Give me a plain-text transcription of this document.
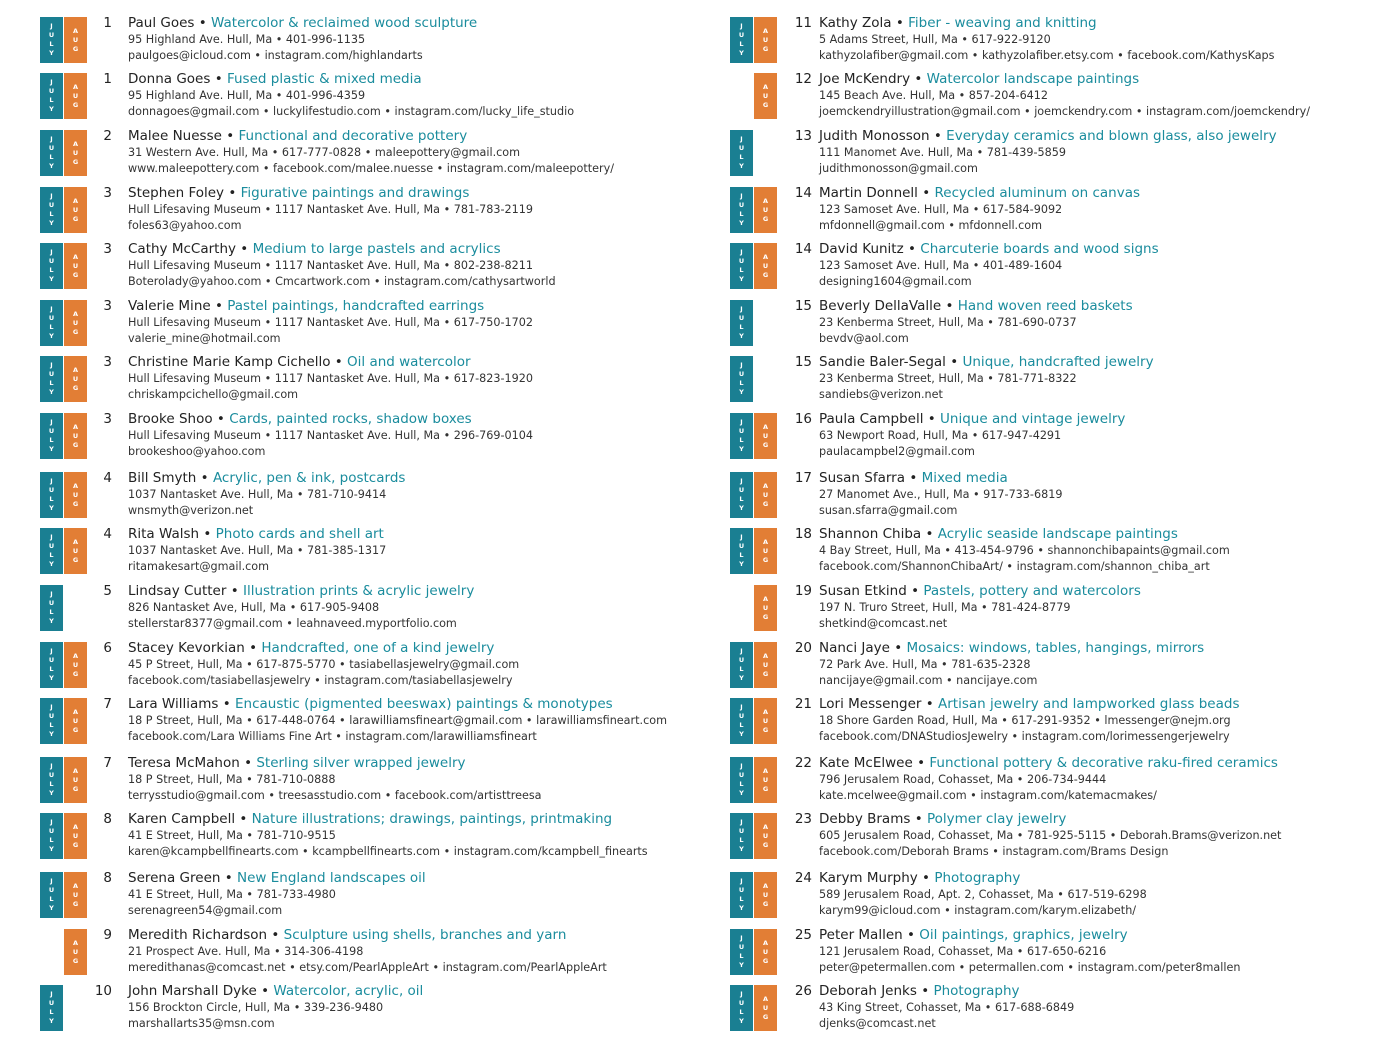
J
U
L
Y
A
U
G
1 Paul Goes • Watercolor & reclaimed wood sculpture
95 Highland Ave. Hull, Ma • 401-996-1135
paulgoes@icloud.com • instagram.com/highlandarts
J
U
L
Y
A
U
G
1 Donna Goes • Fused plastic & mixed media
95 Highland Ave. Hull, Ma • 401-996-4359
donnagoes@gmail.com • luckylifestudio.com • instagram.com/lucky_life_studio
J
U
L
Y
A
U
G
2 Malee Nuesse • Functional and decorative pottery
31 Western Ave. Hull, Ma • 617-777-0828 • maleepottery@gmail.com
www.maleepottery.com • facebook.com/malee.nuesse • instagram.com/maleepottery/
J
U
L
Y
A
U
G
3 Stephen Foley • Figurative paintings and drawings
Hull Lifesaving Museum • 1117 Nantasket Ave. Hull, Ma • 781-783-2119
foles63@yahoo.com
J
U
L
Y
A
U
G
3 Cathy McCarthy • Medium to large pastels and acrylics
Hull Lifesaving Museum • 1117 Nantasket Ave. Hull, Ma • 802-238-8211
Boterolady@yahoo.com • Cmcartwork.com • instagram.com/cathysartworld
J
U
L
Y
A
U
G
3 Valerie Mine • Pastel paintings, handcrafted earrings
Hull Lifesaving Museum • 1117 Nantasket Ave. Hull, Ma • 617-750-1702
valerie_mine@hotmail.com
J
U
L
Y
A
U
G
3 Christine Marie Kamp Cichello • Oil and watercolor
Hull Lifesaving Museum • 1117 Nantasket Ave. Hull, Ma • 617-823-1920
chriskampcichello@gmail.com
J
U
L
Y
A
U
G
3 Brooke Shoo • Cards, painted rocks, shadow boxes
Hull Lifesaving Museum • 1117 Nantasket Ave. Hull, Ma • 296-769-0104
brookeshoo@yahoo.com
J
U
L
Y
A
U
G
4 Bill Smyth • Acrylic, pen & ink, postcards
1037 Nantasket Ave. Hull, Ma • 781-710-9414
wnsmyth@verizon.net
J
U
L
Y
A
U
G
4 Rita Walsh • Photo cards and shell art
1037 Nantasket Ave. Hull, Ma • 781-385-1317
ritamakesart@gmail.com
J
U
L
Y
5 Lindsay Cutter • Illustration prints & acrylic jewelry
826 Nantasket Ave, Hull, Ma • 617-905-9408
stellerstar8377@gmail.com • leahnaveed.myportfolio.com
J
U
L
Y
A
U
G
6 Stacey Kevorkian • Handcrafted, one of a kind jewelry
45 P Street, Hull, Ma • 617-875-5770 • tasiabellasjewelry@gmail.com
facebook.com/tasiabellasjewelry • instagram.com/tasiabellasjewelry
J
U
L
Y
A
U
G
7 Lara Williams • Encaustic (pigmented beeswax) paintings & monotypes
18 P Street, Hull, Ma • 617-448-0764 • larawilliamsfineart@gmail.com • larawilliamsfineart.com
facebook.com/Lara Williams Fine Art • instagram.com/larawilliamsfineart
J
U
L
Y
A
U
G
7 Teresa McMahon • Sterling silver wrapped jewelry
18 P Street, Hull, Ma • 781-710-0888
terrysstudio@gmail.com • treesasstudio.com • facebook.com/artisttreesa
J
U
L
Y
A
U
G
8 Karen Campbell • Nature illustrations; drawings, paintings, printmaking
41 E Street, Hull, Ma • 781-710-9515
karen@kcampbellfinearts.com • kcampbellfinearts.com • instagram.com/kcampbell_finearts
J
U
L
Y
A
U
G
8 Serena Green • New England landscapes oil
41 E Street, Hull, Ma • 781-733-4980
serenagreen54@gmail.com
A
U
G
9 Meredith Richardson • Sculpture using shells, branches and yarn
21 Prospect Ave. Hull, Ma • 314-306-4198
meredithanas@comcast.net • etsy.com/PearlAppleArt • instagram.com/PearlAppleArt
J
U
L
Y
10 John Marshall Dyke • Watercolor, acrylic, oil
156 Brockton Circle, Hull, Ma • 339-236-9480
marshallarts35@msn.com
J
U
L
Y
A
U
G
11 Kathy Zola • Fiber - weaving and knitting
5 Adams Street, Hull, Ma • 617-922-9120
kathyzolafiber@gmail.com • kathyzolafiber.etsy.com • facebook.com/KathysKaps
A
U
G
12 Joe McKendry • Watercolor landscape paintings
145 Beach Ave. Hull, Ma • 857-204-6412
joemckendryillustration@gmail.com • joemckendry.com • instagram.com/joemckendry/
J
U
L
Y
13 Judith Monosson • Everyday ceramics and blown glass, also jewelry
111 Manomet Ave. Hull, Ma • 781-439-5859
judithmonosson@gmail.com
J
U
L
Y
A
U
G
14 Martin Donnell • Recycled aluminum on canvas
123 Samoset Ave. Hull, Ma • 617-584-9092
mfdonnell@gmail.com • mfdonnell.com
J
U
L
Y
A
U
G
14 David Kunitz • Charcuterie boards and wood signs
123 Samoset Ave. Hull, Ma • 401-489-1604
designing1604@gmail.com
J
U
L
Y
15 Beverly DellaValle • Hand woven reed baskets
23 Kenberma Street, Hull, Ma • 781-690-0737
bevdv@aol.com
J
U
L
Y
15 Sandie Baler-Segal • Unique, handcrafted jewelry
23 Kenberma Street, Hull, Ma • 781-771-8322
sandiebs@verizon.net
J
U
L
Y
A
U
G
16 Paula Campbell • Unique and vintage jewelry
63 Newport Road, Hull, Ma • 617-947-4291
paulacampbel2@gmail.com
J
U
L
Y
A
U
G
17 Susan Sfarra • Mixed media
27 Manomet Ave., Hull, Ma • 917-733-6819
susan.sfarra@gmail.com
J
U
L
Y
A
U
G
18 Shannon Chiba • Acrylic seaside landscape paintings
4 Bay Street, Hull, Ma • 413-454-9796 • shannonchibapaints@gmail.com
facebook.com/ShannonChibaArt/ • instagram.com/shannon_chiba_art
A
U
G
19 Susan Etkind • Pastels, pottery and watercolors
197 N. Truro Street, Hull, Ma • 781-424-8779
shetkind@comcast.net
J
U
L
Y
A
U
G
20 Nanci Jaye • Mosaics: windows, tables, hangings, mirrors
72 Park Ave. Hull, Ma • 781-635-2328
nancijaye@gmail.com • nancijaye.com
J
U
L
Y
A
U
G
21 Lori Messenger • Artisan jewelry and lampworked glass beads
18 Shore Garden Road, Hull, Ma • 617-291-9352 • lmessenger@nejm.org
facebook.com/DNAStudiosJewelry • instagram.com/lorimessengerjewelry
J
U
L
Y
A
U
G
22 Kate McElwee • Functional pottery & decorative raku-fired ceramics
796 Jerusalem Road, Cohasset, Ma • 206-734-9444
kate.mcelwee@gmail.com • instagram.com/katemacmakes/
J
U
L
Y
A
U
G
23 Debby Brams • Polymer clay jewelry
605 Jerusalem Road, Cohasset, Ma • 781-925-5115 • Deborah.Brams@verizon.net
facebook.com/Deborah Brams • instagram.com/Brams Design
J
U
L
Y
A
U
G
24 Karym Murphy • Photography
589 Jerusalem Road, Apt. 2, Cohasset, Ma • 617-519-6298
karym99@icloud.com • instagram.com/karym.elizabeth/
J
U
L
Y
A
U
G
25 Peter Mallen • Oil paintings, graphics, jewelry
121 Jerusalem Road, Cohasset, Ma • 617-650-6216
peter@petermallen.com • petermallen.com • instagram.com/peter8mallen
J
U
L
Y
A
U
G
26 Deborah Jenks • Photography
43 King Street, Cohasset, Ma • 617-688-6849
djenks@comcast.net
